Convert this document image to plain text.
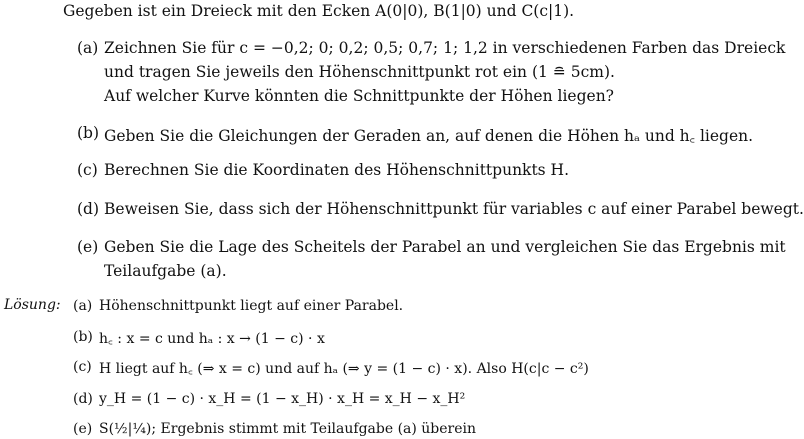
Gegeben ist ein Dreieck mit den Ecken A(0|0), B(1|0) und C(c|1).
(a) Zeichnen Sie für c = −0,2; 0; 0,2; 0,5; 0,7; 1; 1,2 in verschiedenen Farben das Dreieck
und tragen Sie jeweils den Höhenschnittpunkt rot ein (1 ≘ 5cm).
Auf welcher Kurve könnten die Schnittpunkte der Höhen liegen?
(b) Geben Sie die Gleichungen der Geraden an, auf denen die Höhen hₐ und h꜀ liegen.
(c) Berechnen Sie die Koordinaten des Höhenschnittpunkts H.
(d) Beweisen Sie, dass sich der Höhenschnittpunkt für variables c auf einer Parabel bewegt.
(e) Geben Sie die Lage des Scheitels der Parabel an und vergleichen Sie das Ergebnis mit
Teilaufgabe (a).
Lösung: (a) Höhenschnittpunkt liegt auf einer Parabel.
(b) h꜀ : x = c und hₐ : x → (1 − c) · x
(c) H liegt auf h꜀ (⇒ x = c) und auf hₐ (⇒ y = (1 − c) · x). Also H(c|c − c²)
(d) y_H = (1 − c) · x_H = (1 − x_H) · x_H = x_H − x_H²
(e) S(½|¼); Ergebnis stimmt mit Teilaufgabe (a) überein
